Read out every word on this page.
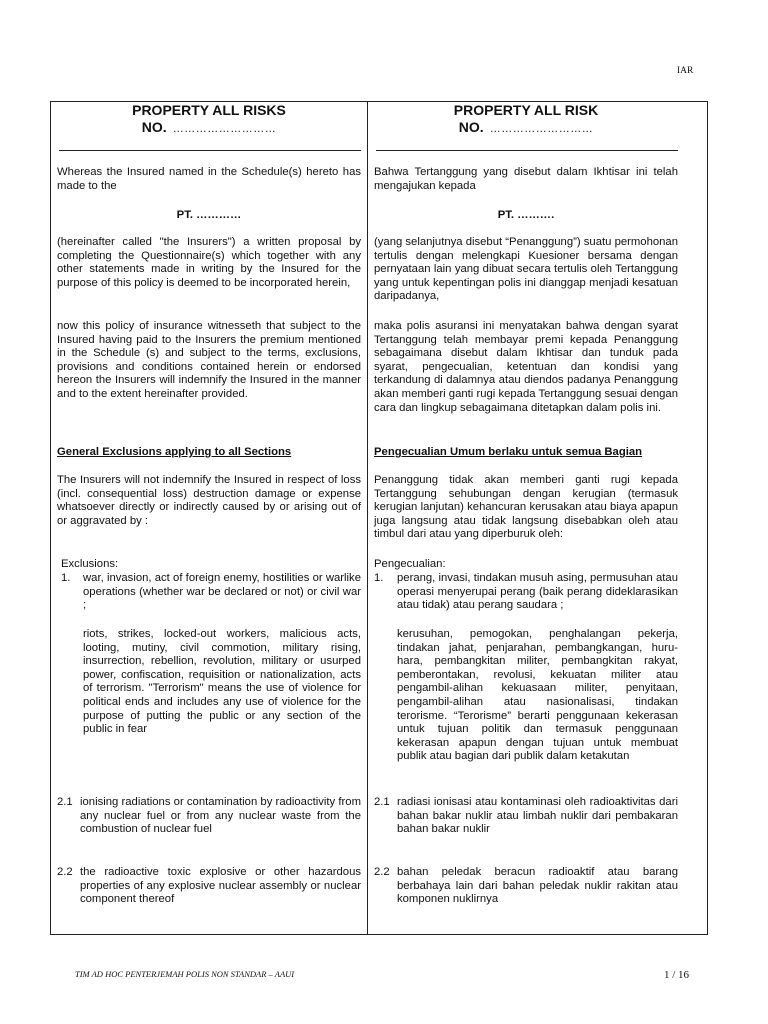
IAR
PROPERTY ALL RISKS
NO. ………………………
Whereas the Insured named in the Schedule(s) hereto has made to the
PT. …………
(hereinafter called "the Insurers") a written proposal by completing the Questionnaire(s) which together with any other statements made in writing by the Insured for the purpose of this policy is deemed to be incorporated herein,
now this policy of insurance witnesseth that subject to the Insured having paid to the Insurers the premium mentioned in the Schedule (s) and subject to the terms, exclusions, provisions and conditions contained herein or endorsed hereon the Insurers will indemnify the Insured in the manner and to the extent hereinafter provided.
General Exclusions applying to all Sections
The Insurers will not indemnify the Insured in respect of loss (incl. consequential loss) destruction damage or expense whatsoever directly or indirectly caused by or arising out of or aggravated by :
Exclusions:
1. war, invasion, act of foreign enemy, hostilities or warlike operations (whether war be declared or not) or civil war ;
riots, strikes, locked-out workers, malicious acts, looting, mutiny, civil commotion, military rising, insurrection, rebellion, revolution, military or usurped power, confiscation, requisition or nationalization, acts of terrorism. "Terrorism" means the use of violence for political ends and includes any use of violence for the purpose of putting the public or any section of the public in fear
2.1 ionising radiations or contamination by radioactivity from any nuclear fuel or from any nuclear waste from the combustion of nuclear fuel
2.2 the radioactive toxic explosive or other hazardous properties of any explosive nuclear assembly or nuclear component thereof
PROPERTY ALL RISK
NO. ………………………
Bahwa Tertanggung yang disebut dalam Ikhtisar ini telah mengajukan kepada
PT. ……….
(yang selanjutnya disebut “Penanggung”) suatu permohonan tertulis dengan melengkapi Kuesioner bersama dengan pernyataan lain yang dibuat secara tertulis oleh Tertanggung yang untuk kepentingan polis ini dianggap menjadi kesatuan daripadanya,
maka polis asuransi ini menyatakan bahwa dengan syarat Tertanggung telah membayar premi kepada Penanggung sebagaimana disebut dalam Ikhtisar dan tunduk pada syarat, pengecualian, ketentuan dan kondisi yang terkandung di dalamnya atau diendos padanya Penanggung akan memberi ganti rugi kepada Tertanggung sesuai dengan cara dan lingkup sebagaimana ditetapkan dalam polis ini.
Pengecualian Umum berlaku untuk semua Bagian
Penanggung tidak akan memberi ganti rugi kepada Tertanggung sehubungan dengan kerugian (termasuk kerugian lanjutan) kehancuran kerusakan atau biaya apapun juga langsung atau tidak langsung disebabkan oleh atau timbul dari atau yang diperburuk oleh:
Pengecualian:
1. perang, invasi, tindakan musuh asing, permusuhan atau operasi menyerupai perang (baik perang dideklarasikan atau tidak) atau perang saudara ;
kerusuhan, pemogokan, penghalangan pekerja, tindakan jahat, penjarahan, pembangkangan, huru-hara, pembangkitan militer, pembangkitan rakyat, pemberontakan, revolusi, kekuatan militer atau pengambil-alihan kekuasaan militer, penyitaan, pengambil-alihan atau nasionalisasi, tindakan terorisme. “Terorisme” berarti penggunaan kekerasan untuk tujuan politik dan termasuk penggunaan kekerasan apapun dengan tujuan untuk membuat publik atau bagian dari publik dalam ketakutan
2.1 radiasi ionisasi atau kontaminasi oleh radioaktivitas dari bahan bakar nuklir atau limbah nuklir dari pembakaran bahan bakar nuklir
2.2 bahan peledak beracun radioaktif atau barang berbahaya lain dari bahan peledak nuklir rakitan atau komponen nuklirnya
TIM AD HOC PENTERJEMAH POLIS NON STANDAR – AAUI	1 / 16
